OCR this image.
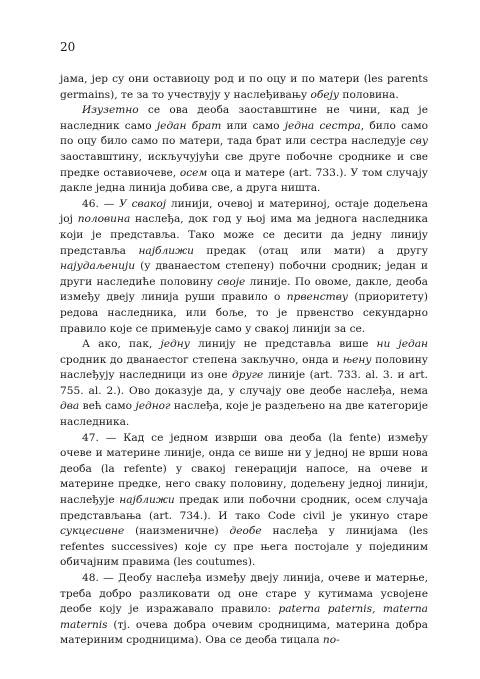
20

јама, јер су они оставиоцу род и по оцу и по матери (les parents germains), те за то учествују у наслеђивању обеју половина.

Изузетно се ова деоба заоставштине не чини, кад је наследник само један брат или само једна сестра, било само по оцу било само по матери, тада брат или сестра наследује сву заоставштину, искључујући све друге побочне сроднике и све предке оставиочеве, осем оца и матере (art. 733.). У том случају дакле једна линија добива све, а друга ништа.

46. — У свакој линији, очевој и материној, остаје додељена јој половина наслеђа, док год у њој има ма једнога наследника који је представља. Тако може се десити да једну линију представља најближи предак (отац или мати) а другу најудаљенији (у дванаестом степену) побочни сродник; један и други наследиће половину своје линије. По овоме, дакле, деоба између двеју линија руши правило о првенству (приоритету) редова наследника, или боље, то је првенство секундарно правило које се примењује само у свакој линији за се.

А ако, пак, једну линију не представља више ни један сродник до дванаестог степена закључно, онда и њену половину наслеђују наследници из оне друге линије (art. 733. al. 3. и art. 755. al. 2.). Ово доказује да, у случају ове деобе наслеђа, нема два већ само једног наслеђа, које је раздељено на две категорије наследника.

47. — Кад се једном изврши ова деоба (la fente) између очеве и материне линије, онда се више ни у једној не врши нова деоба (la refente) у свакој генерацији напосе, на очеве и материне предке, него сваку половину, додељену једној линији, наслеђује најближи предак или побочни сродник, осем случаја представљања (art. 734.). И тако Code civil је укинуо старе сукцесивне (наизменичне) деобе наслеђа у линијама (les refentes successives) које су пре њега постојале у појединим обичајним правима (les coutumes).

48. — Деобу наслеђа између двеју линија, очеве и матерње, треба добро разликовати од оне старе у кутимама усвојене деобе коју је изражавало правило: paterna paternis, materna maternis (тј. очева добра очевим сродницима, материна добра материним сродницима). Ова се деоба тицала по-
